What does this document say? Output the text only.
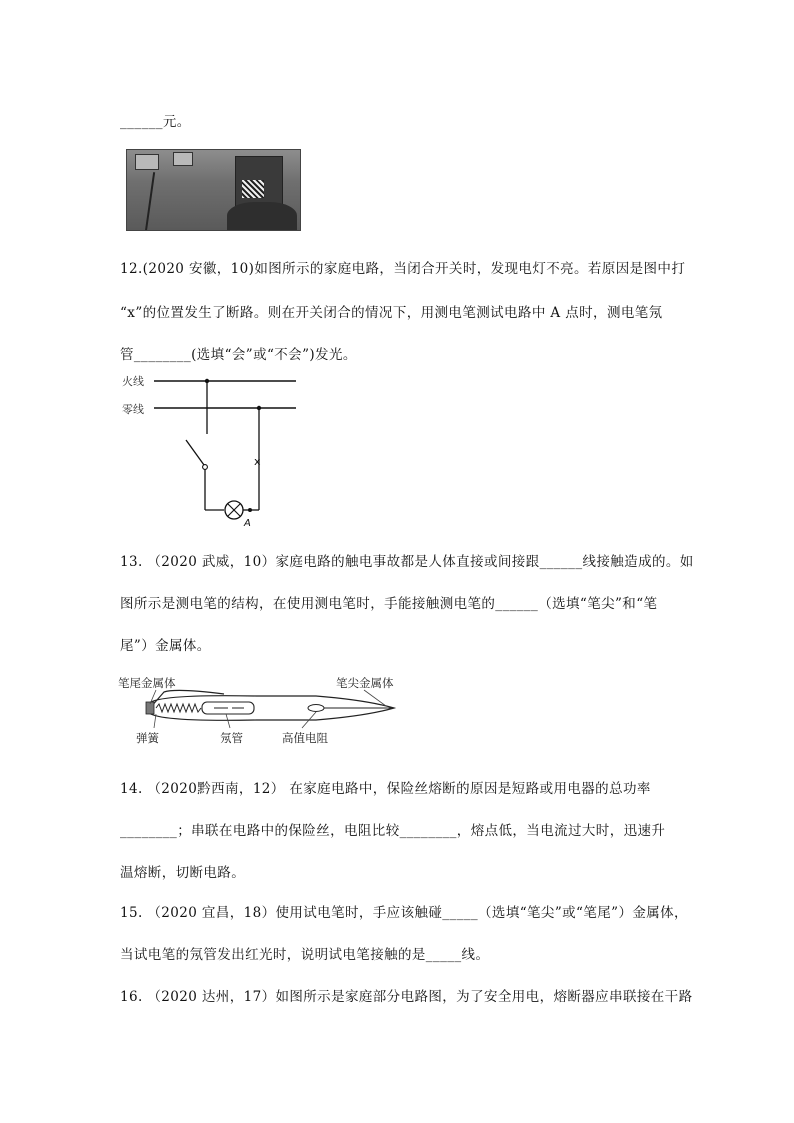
______元。
12.(2020 安徽，10)如图所示的家庭电路，当闭合开关时，发现电灯不亮。若原因是图中打
“x”的位置发生了断路。则在开关闭合的情况下，用测电笔测试电路中 A 点时，测电笔氖
管________(选填“会”或“不会”)发光。
火线
零线
A
x
13. （2020 武威，10）家庭电路的触电事故都是人体直接或间接跟______线接触造成的。如
图所示是测电笔的结构，在使用测电笔时，手能接触测电笔的______（选填“笔尖”和“笔
尾”）金属体。
笔尾金属体	笔尖金属体
弹簧	氖管	高值电阻
14. （2020黔西南，12） 在家庭电路中，保险丝熔断的原因是短路或用电器的总功率
________；串联在电路中的保险丝，电阻比较________，熔点低，当电流过大时，迅速升
温熔断，切断电路。
15. （2020 宜昌，18）使用试电笔时，手应该触碰_____（选填“笔尖”或“笔尾”）金属体，
当试电笔的氖管发出红光时，说明试电笔接触的是_____线。
16. （2020 达州，17）如图所示是家庭部分电路图，为了安全用电，熔断器应串联接在干路
